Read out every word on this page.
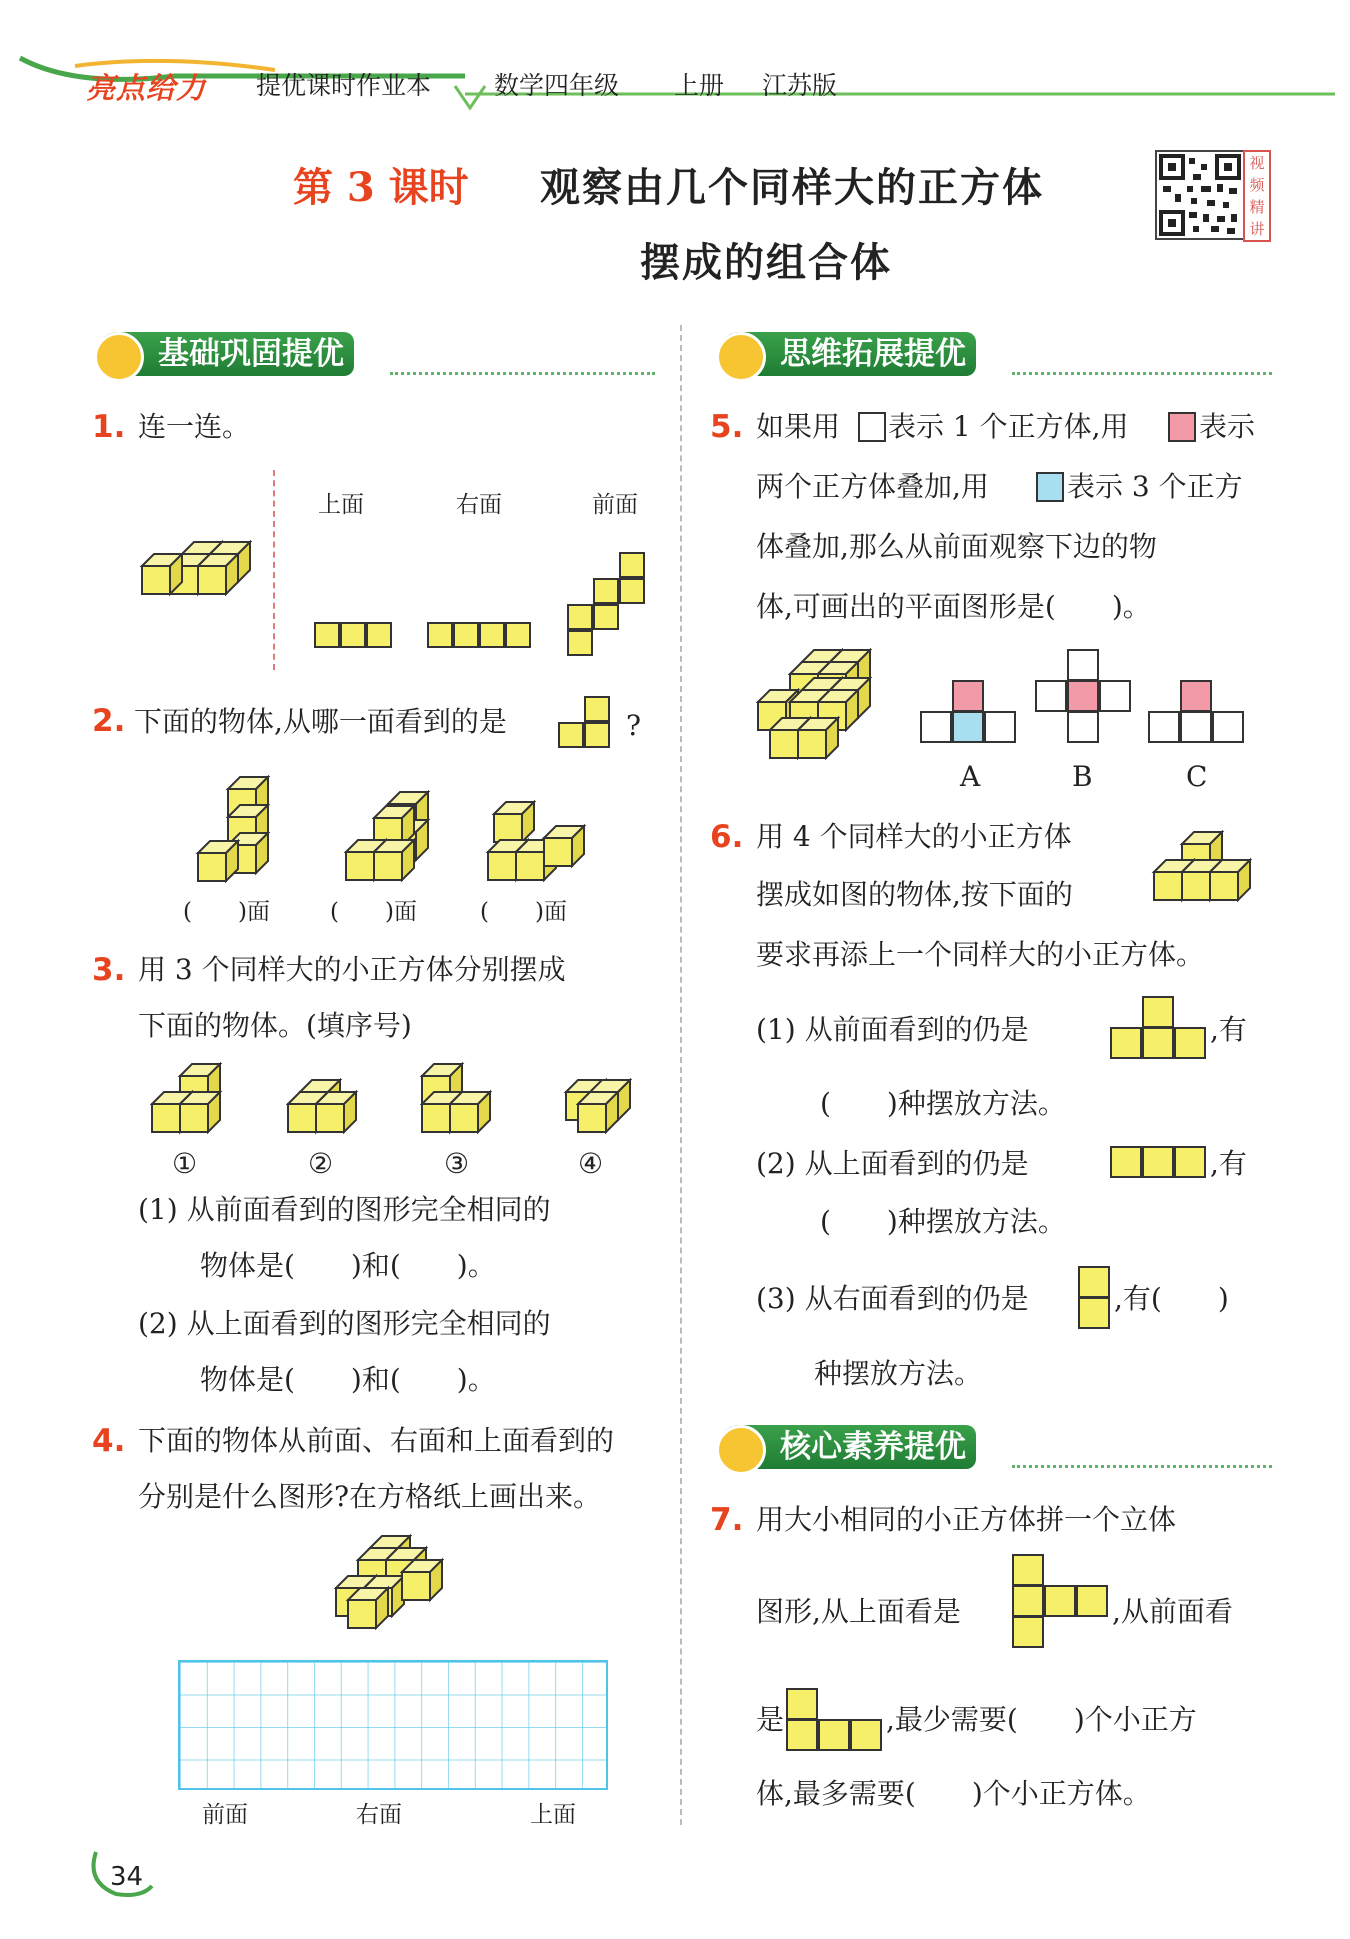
亮点给力 提优课时作业本	数学四年级 上册 江苏版
第 3 课时 观察由几个同样大的正方体
摆成的组合体
视频精讲
基础巩固提优	思维拓展提优
核心素养提优
1. 连一连。
上面	右面	前面
2. 下面的物体,从哪一面看到的是	?
(　　)面	(　　)面	(　　)面
3. 用 3 个同样大的小正方体分别摆成
下面的物体。(填序号)
①	②	③	④
(1) 从前面看到的图形完全相同的
物体是(　　)和(　　)。
(2) 从上面看到的图形完全相同的
物体是(　　)和(　　)。
4. 下面的物体从前面、右面和上面看到的
分别是什么图形?在方格纸上画出来。
前面	右面	上面
5. 如果用 表示 1 个正方体,用	表示
两个正方体叠加,用	表示 3 个正方
体叠加,那么从前面观察下边的物
体,可画出的平面图形是(　　)。
A	B	C
6. 用 4 个同样大的小正方体
摆成如图的物体,按下面的
要求再添上一个同样大的小正方体。
(1) 从前面看到的仍是	,有
(　　)种摆放方法。
(2) 从上面看到的仍是	,有
(　　)种摆放方法。
(3) 从右面看到的仍是	,有(　　)
种摆放方法。
7. 用大小相同的小正方体拼一个立体
图形,从上面看是	,从前面看
是	,最少需要(　　)个小正方
体,最多需要(　　)个小正方体。
34
